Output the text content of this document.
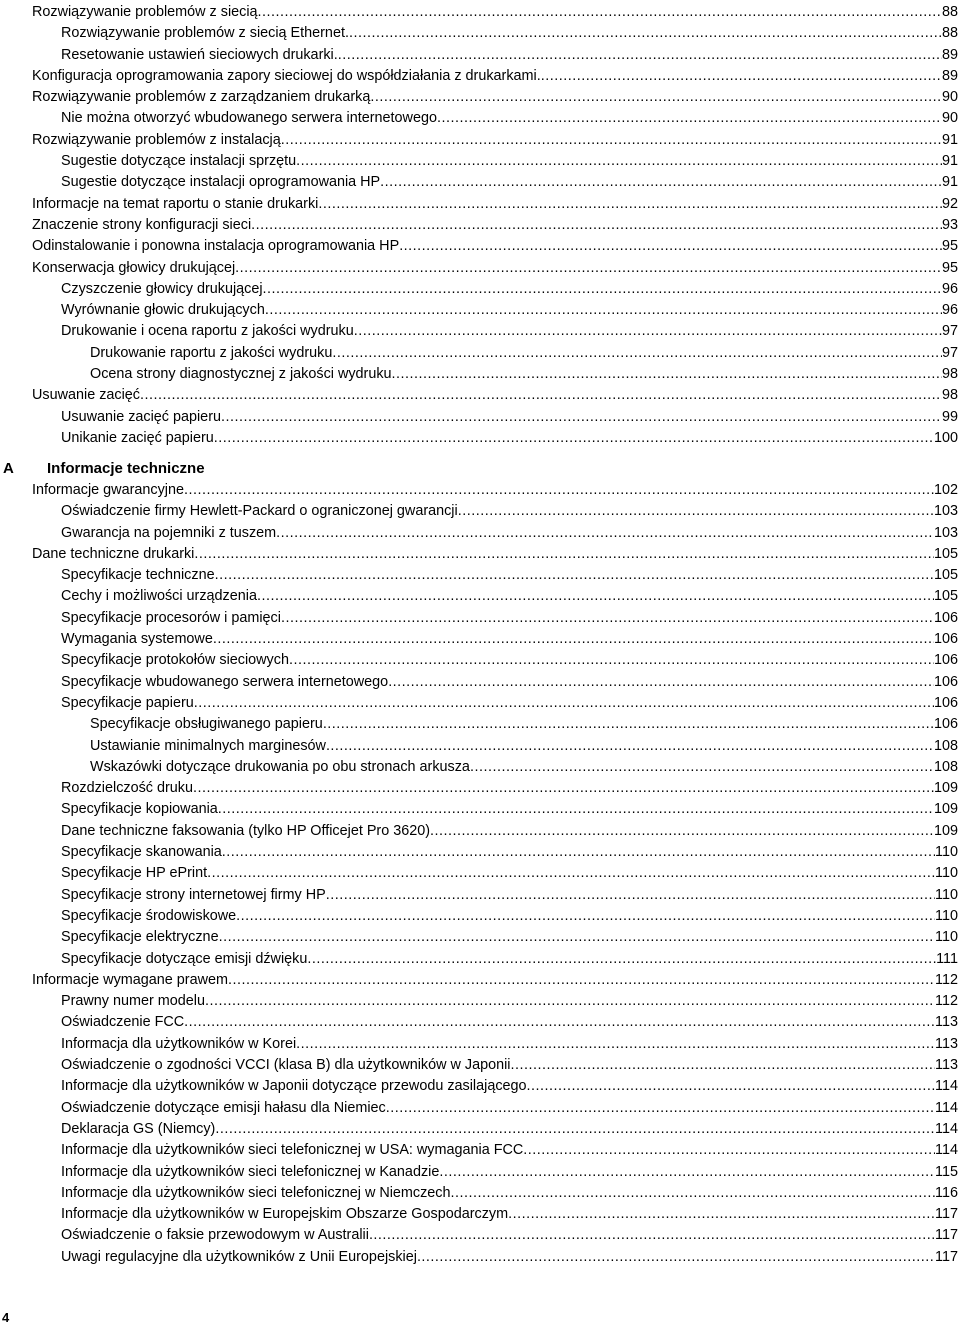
Rozwiązywanie problemów z siecią .....	88
Rozwiązywanie problemów z siecią Ethernet. .....	88
Resetowanie ustawień sieciowych drukarki. .....	89
Konfiguracja oprogramowania zapory sieciowej do współdziałania z drukarkami. .....	89
Rozwiązywanie problemów z zarządzaniem drukarką .....	90
Nie można otworzyć wbudowanego serwera internetowego .....	90
Rozwiązywanie problemów z instalacją .....	91
Sugestie dotyczące instalacji sprzętu .....	91
Sugestie dotyczące instalacji oprogramowania HP .....	91
Informacje na temat raportu o stanie drukarki .....	92
Znaczenie strony konfiguracji sieci .....	93
Odinstalowanie i ponowna instalacja oprogramowania HP .....	95
Konserwacja głowicy drukującej .....	95
Czyszczenie głowicy drukującej .....	96
Wyrównanie głowic drukujących .....	96
Drukowanie i ocena raportu z jakości wydruku .....	97
Drukowanie raportu z jakości wydruku .....	97
Ocena strony diagnostycznej z jakości wydruku .....	98
Usuwanie zacięć .....	98
Usuwanie zacięć papieru .....	99
Unikanie zacięć papieru .....	100
A Informacje techniczne
Informacje gwarancyjne .....	102
Oświadczenie firmy Hewlett-Packard o ograniczonej gwarancji .....	103
Gwarancja na pojemniki z tuszem .....	103
Dane techniczne drukarki .....	105
Specyfikacje techniczne .....	105
Cechy i możliwości urządzenia .....	105
Specyfikacje procesorów i pamięci .....	106
Wymagania systemowe .....	106
Specyfikacje protokołów sieciowych .....	106
Specyfikacje wbudowanego serwera internetowego .....	106
Specyfikacje papieru .....	106
Specyfikacje obsługiwanego papieru .....	106
Ustawianie minimalnych marginesów .....	108
Wskazówki dotyczące drukowania po obu stronach arkusza .....	108
Rozdzielczość druku .....	109
Specyfikacje kopiowania .....	109
Dane techniczne faksowania (tylko HP Officejet Pro 3620) .....	109
Specyfikacje skanowania .....	110
Specyfikacje HP ePrint .....	110
Specyfikacje strony internetowej firmy HP .....	110
Specyfikacje środowiskowe .....	110
Specyfikacje elektryczne .....	110
Specyfikacje dotyczące emisji dźwięku .....	111
Informacje wymagane prawem .....	112
Prawny numer modelu .....	112
Oświadczenie FCC .....	113
Informacja dla użytkowników w Korei .....	113
Oświadczenie o zgodności VCCI (klasa B) dla użytkowników w Japonii .....	113
Informacje dla użytkowników w Japonii dotyczące przewodu zasilającego .....	114
Oświadczenie dotyczące emisji hałasu dla Niemiec .....	114
Deklaracja GS (Niemcy) .....	114
Informacje dla użytkowników sieci telefonicznej w USA: wymagania FCC .....	114
Informacje dla użytkowników sieci telefonicznej w Kanadzie .....	115
Informacje dla użytkowników sieci telefonicznej w Niemczech .....	116
Informacje dla użytkowników w Europejskim Obszarze Gospodarczym .....	117
Oświadczenie o faksie przewodowym w Australii .....	117
Uwagi regulacyjne dla użytkowników z Unii Europejskiej .....	117
4
